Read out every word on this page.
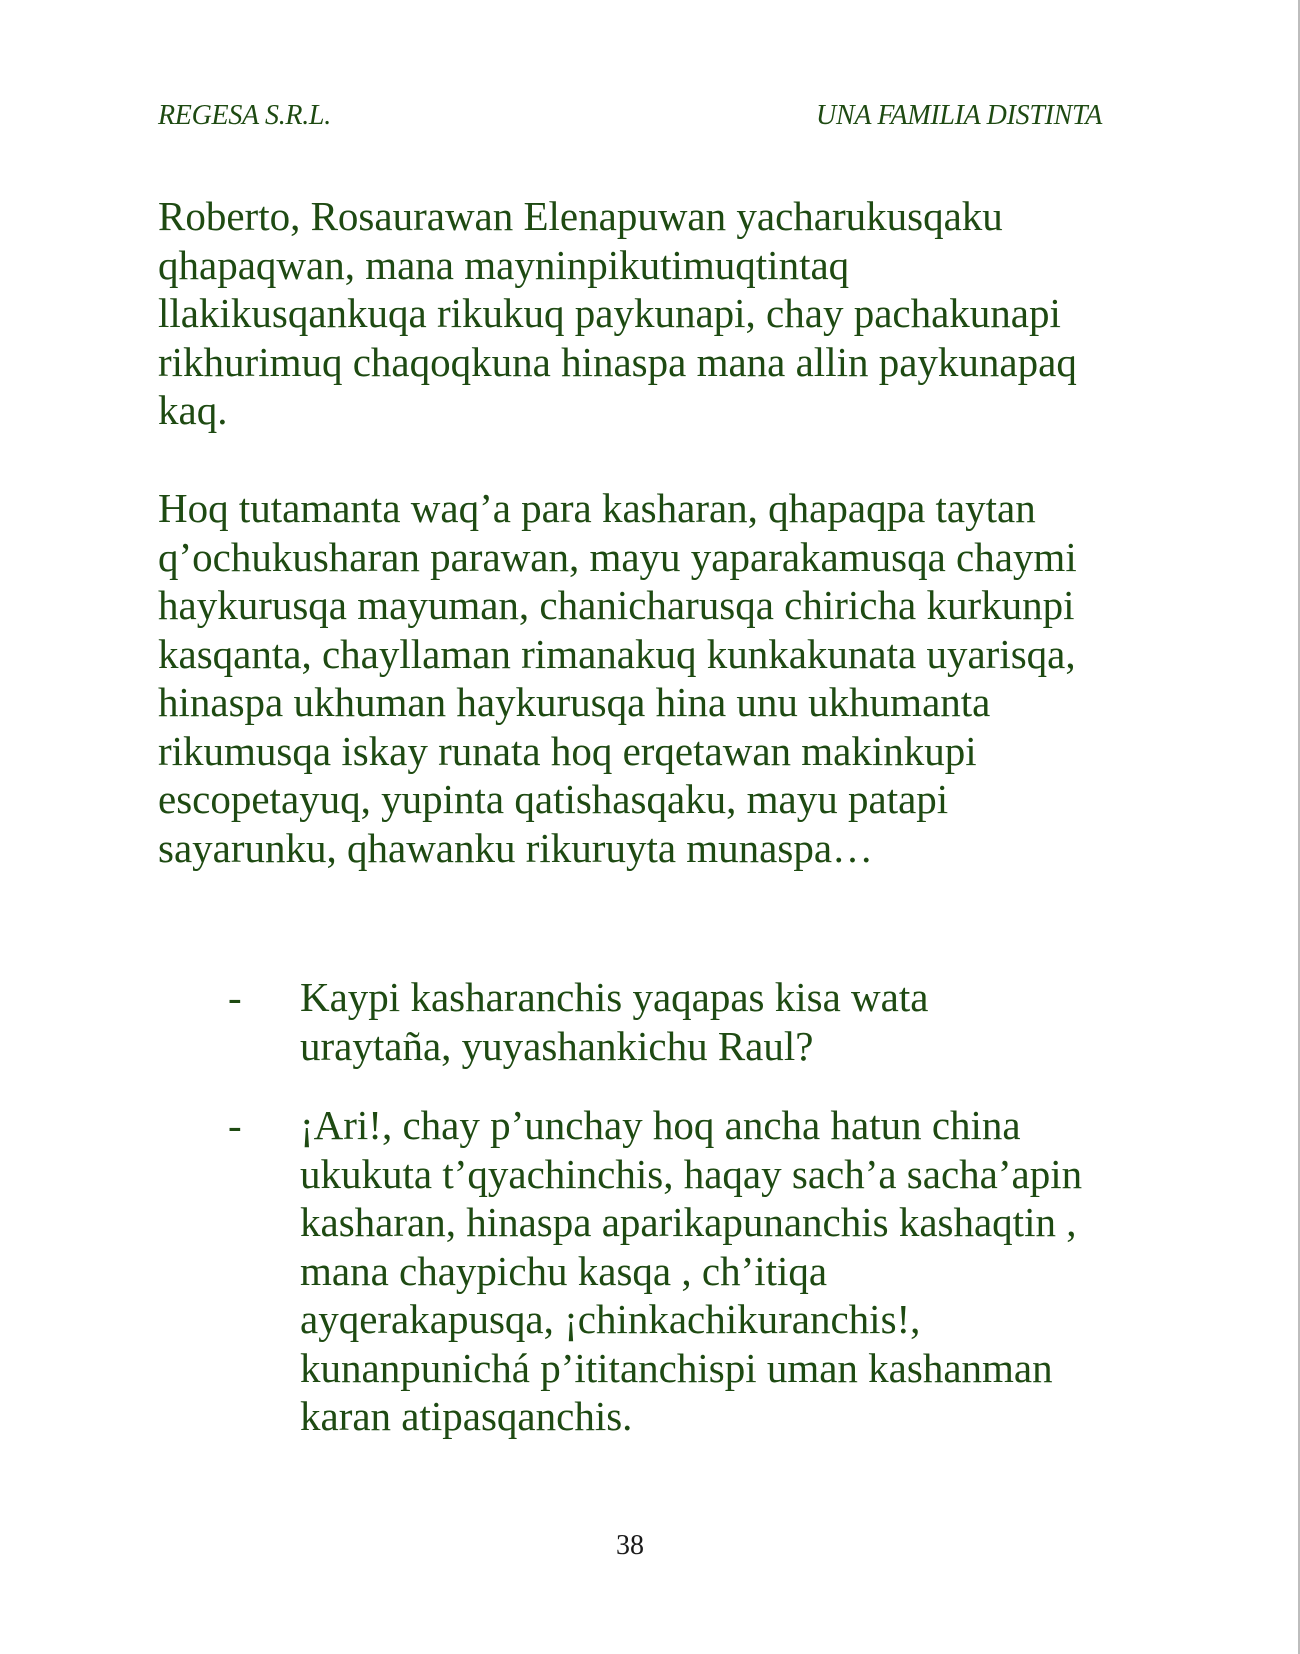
REGESA S.R.L.	UNA FAMILIA DISTINTA

Roberto, Rosaurawan Elenapuwan yacharukusqaku qhapaqwan, mana mayninpikutimuqtintaq llakikusqankuqa rikukuq paykunapi, chay pachakunapi rikhurimuq chaqoqkuna hinaspa mana allin paykunapaq kaq.

Hoq tutamanta waq’a para kasharan, qhapaqpa taytan q’ochukusharan parawan, mayu yaparakamusqa chaymi haykurusqa mayuman, chanicharusqa chiricha kurkunpi kasqanta, chayllaman rimanakuq kunkakunata uyarisqa, hinaspa ukhuman haykurusqa hina unu ukhumanta rikumusqa iskay runata hoq erqetawan makinkupi escopetayuq, yupinta qatishasqaku, mayu patapi sayarunku, qhawanku rikuruyta munaspa…

- Kaypi kasharanchis yaqapas kisa wata uraytaña, yuyashankichu Raul?

- ¡Ari!, chay p’unchay hoq ancha hatun china ukukuta t’qyachinchis, haqay sach’a sacha’apin kasharan, hinaspa aparikapunanchis kashaqtin , mana chaypichu kasqa , ch’itiqa ayqerakapusqa, ¡chinkachikuranchis!, kunanpunichá p’ititanchispi uman kashanman karan atipasqanchis.

38
